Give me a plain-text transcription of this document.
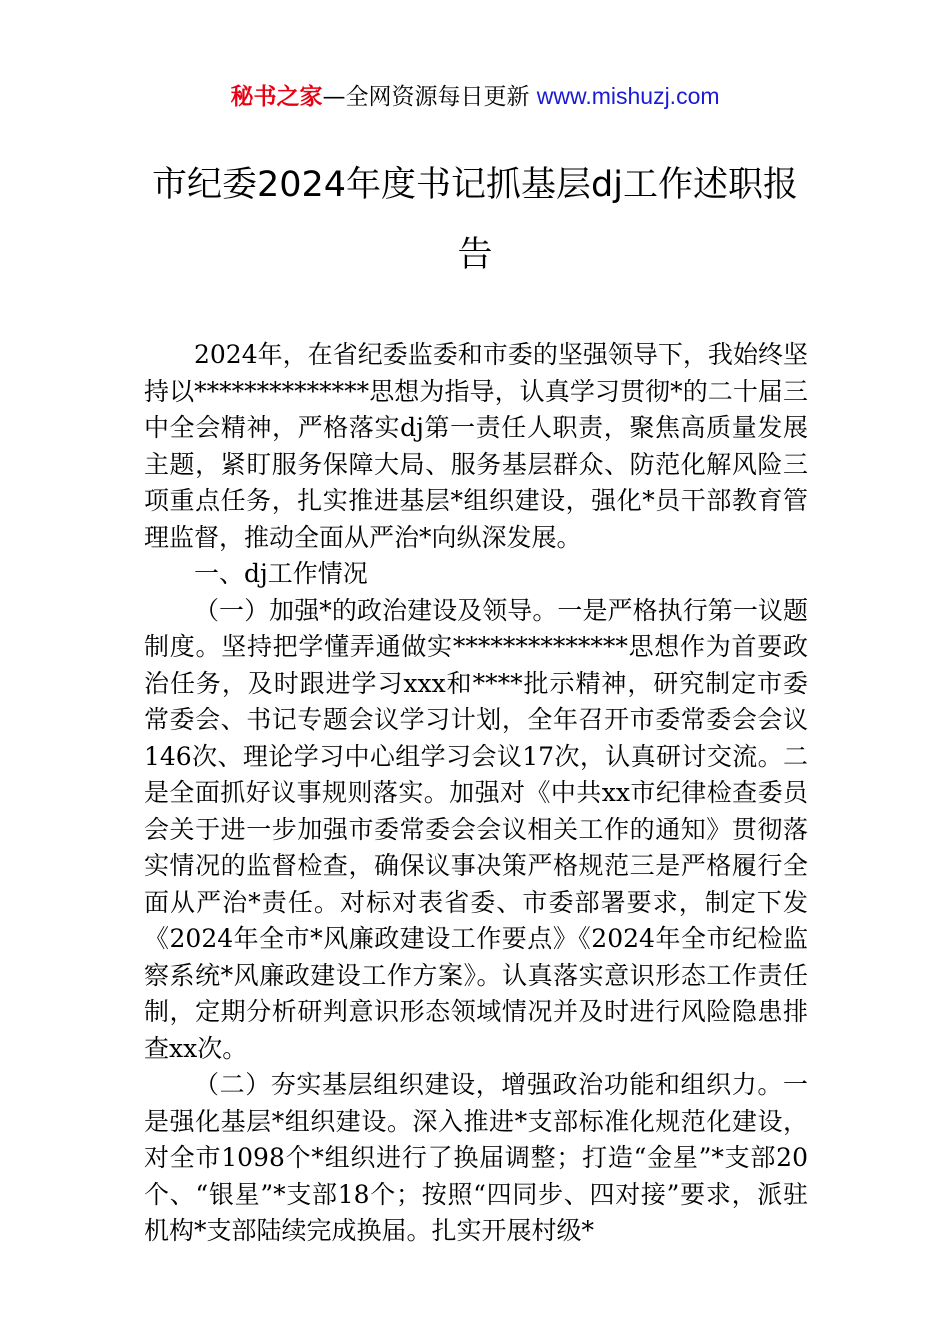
秘书之家—全网资源每日更新 www.mishuzj.com
市纪委2024年度书记抓基层dj工作述职报告

2024年，在省纪委监委和市委的坚强领导下，我始终坚持以**************思想为指导，认真学习贯彻*的二十届三中全会精神，严格落实dj第一责任人职责，聚焦高质量发展主题，紧盯服务保障大局、服务基层群众、防范化解风险三项重点任务，扎实推进基层*组织建设，强化*员干部教育管理监督，推动全面从严治*向纵深发展。

一、dj工作情况

（一）加强*的政治建设及领导。一是严格执行第一议题制度。坚持把学懂弄通做实**************思想作为首要政治任务，及时跟进学习xxx和****批示精神，研究制定市委常委会、书记专题会议学习计划，全年召开市委常委会会议146次、理论学习中心组学习会议17次，认真研讨交流。二是全面抓好议事规则落实。加强对《中共xx市纪律检查委员会关于进一步加强市委常委会会议相关工作的通知》贯彻落实情况的监督检查，确保议事决策严格规范三是严格履行全面从严治*责任。对标对表省委、市委部署要求，制定下发《2024年全市*风廉政建设工作要点》《2024年全市纪检监察系统*风廉政建设工作方案》。认真落实意识形态工作责任制，定期分析研判意识形态领域情况并及时进行风险隐患排查xx次。

（二）夯实基层组织建设，增强政治功能和组织力。一是强化基层*组织建设。深入推进*支部标准化规范化建设，对全市1098个*组织进行了换届调整；打造“金星”*支部20个、“银星”*支部18个；按照“四同步、四对接”要求，派驻机构*支部陆续完成换届。扎实开展村级*
